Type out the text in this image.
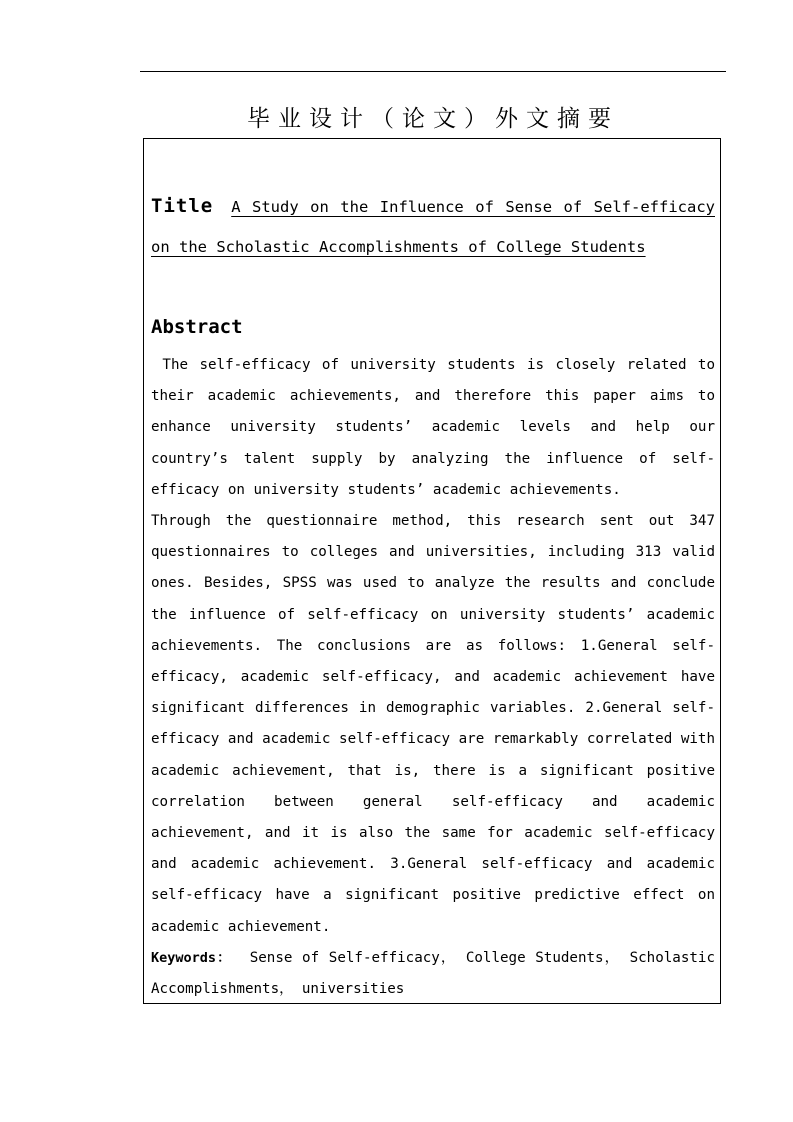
毕业设计（论文）外文摘要
Title A Study on the Influence of Sense of Self-efficacy on the Scholastic Accomplishments of College Students
Abstract

The self-efficacy of university students is closely related to their academic achievements, and therefore this paper aims to enhance university students’ academic levels and help our country’s talent supply by analyzing the influence of self-efficacy on university students’ academic achievements.

Through the questionnaire method, this research sent out 347 questionnaires to colleges and universities, including 313 valid ones. Besides, SPSS was used to analyze the results and conclude the influence of self-efficacy on university students’ academic achievements. The conclusions are as follows: 1.General self-efficacy, academic self-efficacy, and academic achievement have significant differences in demographic variables. 2.General self-efficacy and academic self-efficacy are remarkably correlated with academic achievement, that is, there is a significant positive correlation between general self-efficacy and academic achievement, and it is also the same for academic self-efficacy and academic achievement. 3.General self-efficacy and academic self-efficacy have a significant positive predictive effect on academic achievement.

Keywords： Sense of Self-efficacy， College Students， Scholastic Accomplishments， universities
